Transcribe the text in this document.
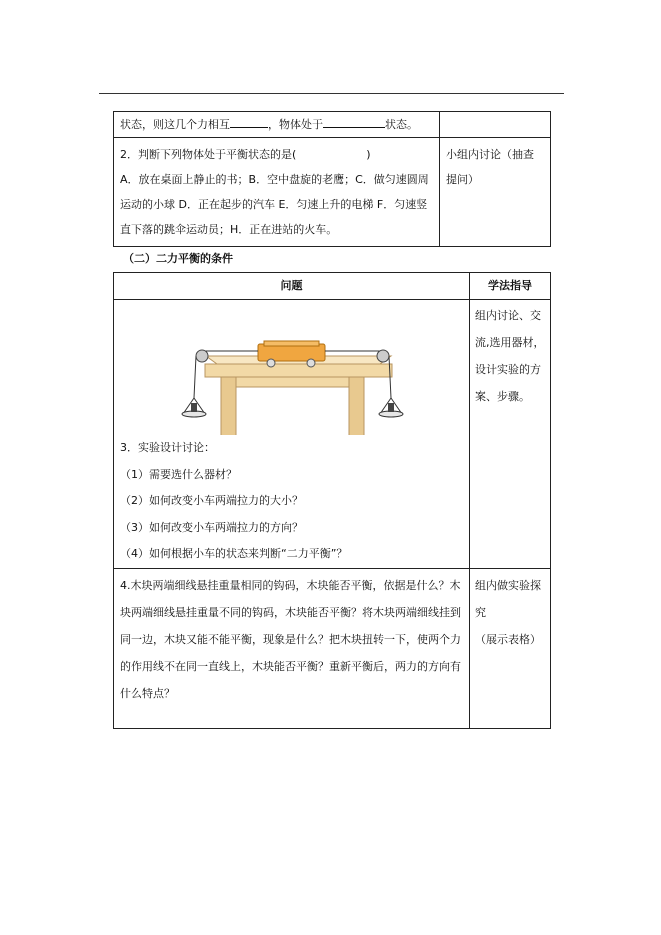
状态，则这几个力相互 ，物体处于 状态。	

2．判断下列物体处于平衡状态的是(                    )
A．放在桌面上静止的书；B．空中盘旋的老鹰；C．做匀速圆周运动的小球 D．正在起步的汽车 E．匀速上升的电梯 F．匀速竖直下落的跳伞运动员；H．正在进站的火车。	小组内讨论（抽查提问）
（二）二力平衡的条件
问题	学法指导

3．实验设计讨论：
（1）需要选什么器材？
（2）如何改变小车两端拉力的大小？
（3）如何改变小车两端拉力的方向？
（4）如何根据小车的状态来判断“二力平衡”？	组内讨论、交流,选用器材，设计实验的方案、步骤。

4.木块两端细线悬挂重量相同的钩码，木块能否平衡，依据是什么？木块两端细线悬挂重量不同的钩码，木块能否平衡？将木块两端细线挂到同一边，木块又能不能平衡，现象是什么？把木块扭转一下，使两个力的作用线不在同一直线上，木块能否平衡？重新平衡后，两力的方向有什么特点？	组内做实验探究
（展示表格）
